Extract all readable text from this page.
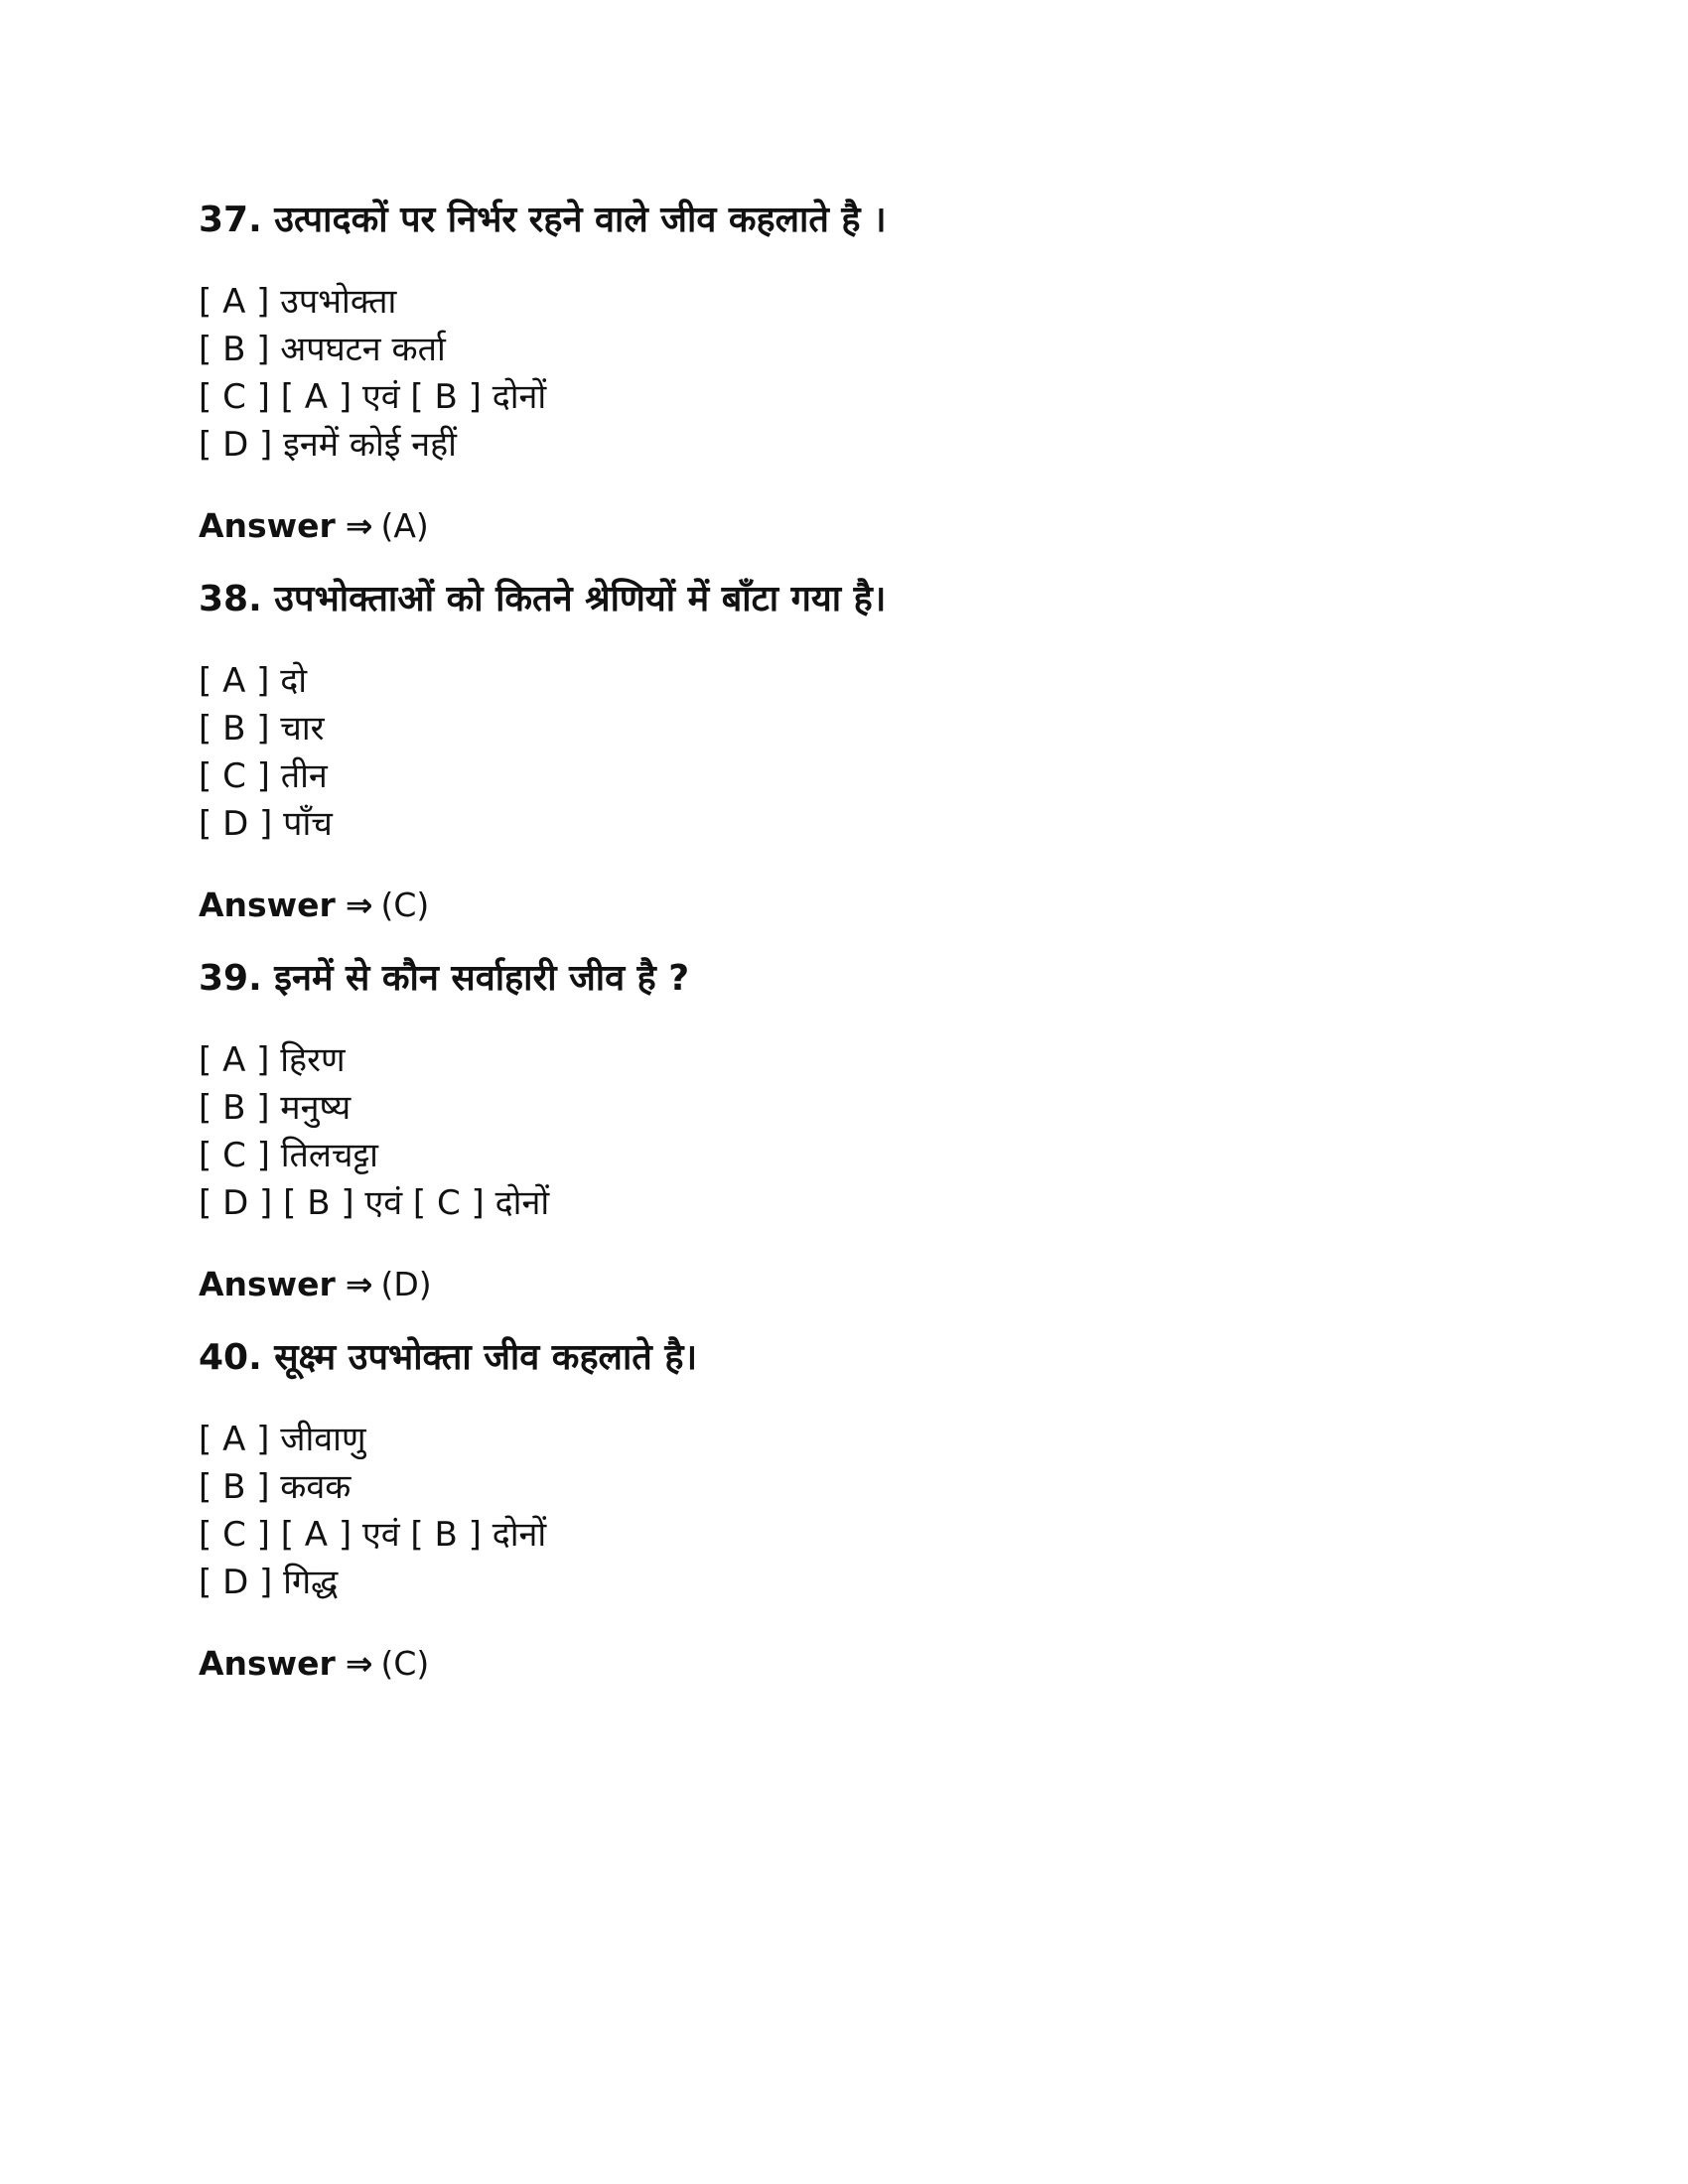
37. उत्पादकों पर निर्भर रहने वाले जीव कहलाते है ।
[ A ] उपभोक्ता
[ B ] अपघटन कर्ता
[ C ] [ A ] एवं [ B ] दोनों
[ D ] इनमें कोई नहीं
Answer ⇒ (A)
38. उपभोक्ताओं को कितने श्रेणियों में बाँटा गया है।
[ A ] दो
[ B ] चार
[ C ] तीन
[ D ] पाँच
Answer ⇒ (C)
39. इनमें से कौन सर्वाहारी जीव है ?
[ A ] हिरण
[ B ] मनुष्य
[ C ] तिलचट्टा
[ D ] [ B ] एवं [ C ] दोनों
Answer ⇒ (D)
40. सूक्ष्म उपभोक्ता जीव कहलाते है।
[ A ] जीवाणु
[ B ] कवक
[ C ] [ A ] एवं [ B ] दोनों
[ D ] गिद्ध
Answer ⇒ (C)
